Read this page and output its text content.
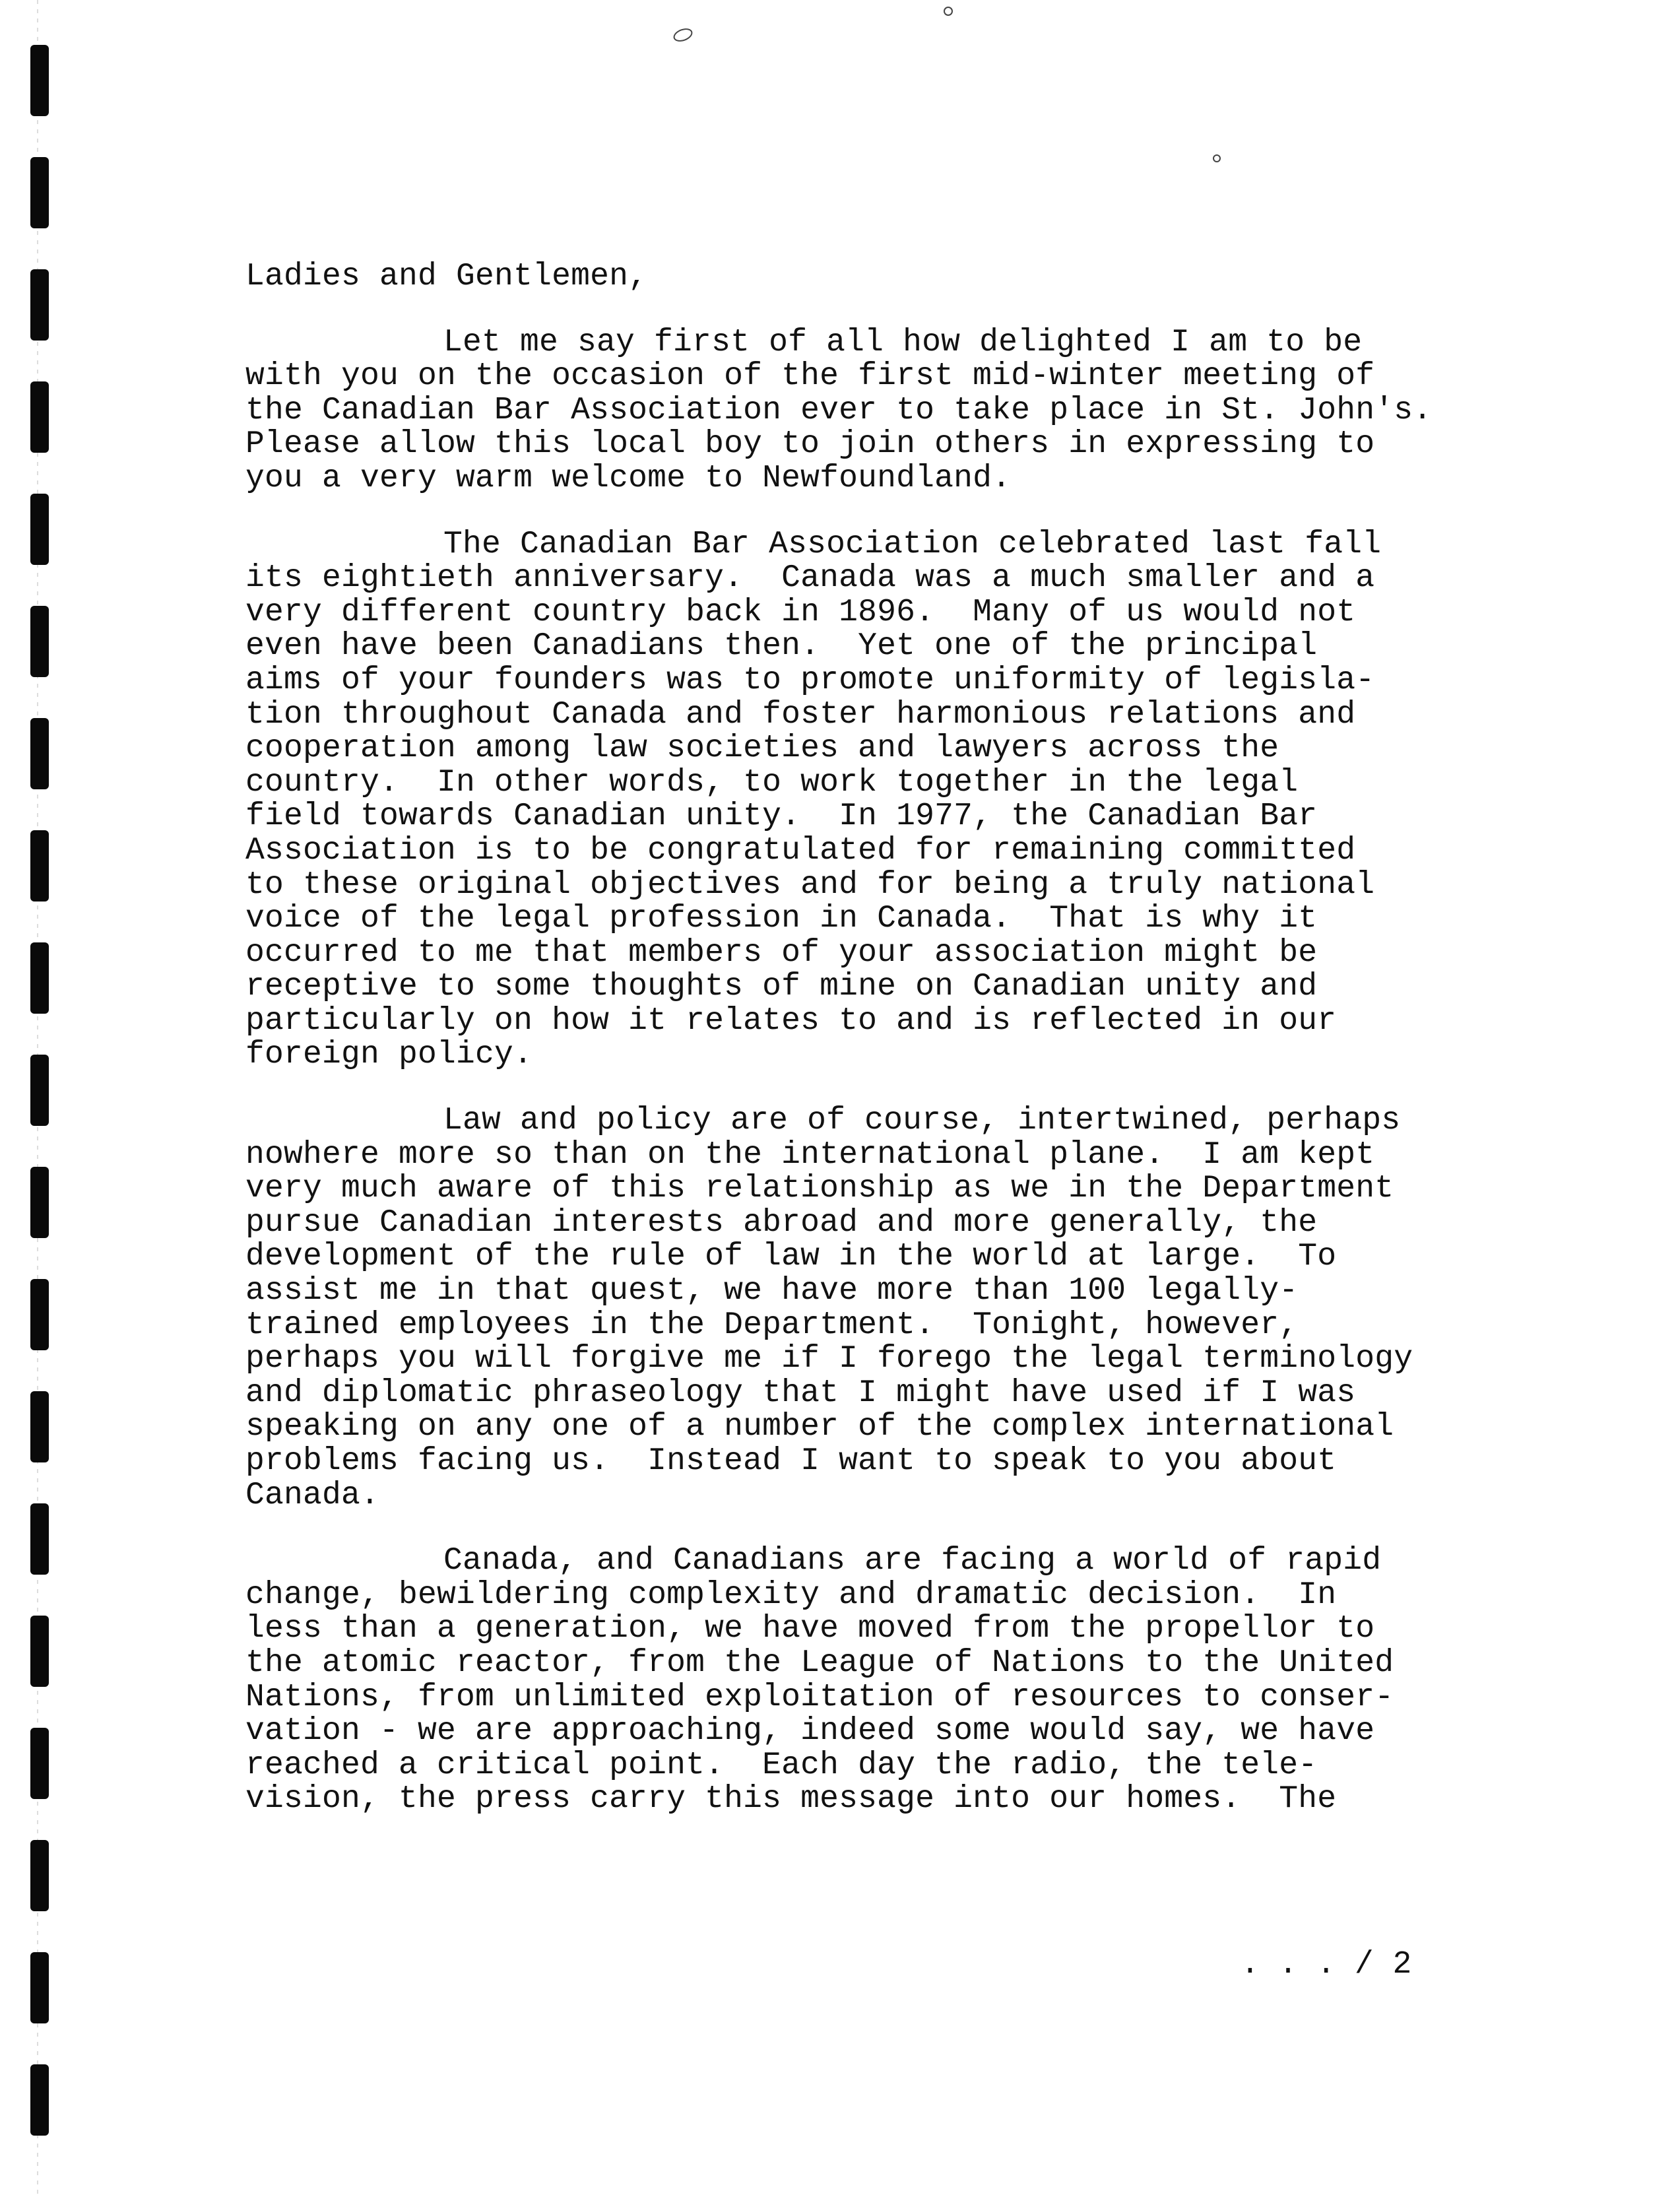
Ladies and Gentlemen,
Let me say first of all how delighted I am to be
with you on the occasion of the first mid-winter meeting of
the Canadian Bar Association ever to take place in St. John's.
Please allow this local boy to join others in expressing to
you a very warm welcome to Newfoundland.
The Canadian Bar Association celebrated last fall
its eightieth anniversary.  Canada was a much smaller and a
very different country back in 1896.  Many of us would not
even have been Canadians then.  Yet one of the principal
aims of your founders was to promote uniformity of legisla-
tion throughout Canada and foster harmonious relations and
cooperation among law societies and lawyers across the
country.  In other words, to work together in the legal
field towards Canadian unity.  In 1977, the Canadian Bar
Association is to be congratulated for remaining committed
to these original objectives and for being a truly national
voice of the legal profession in Canada.  That is why it
occurred to me that members of your association might be
receptive to some thoughts of mine on Canadian unity and
particularly on how it relates to and is reflected in our
foreign policy.
Law and policy are of course, intertwined, perhaps
nowhere more so than on the international plane.  I am kept
very much aware of this relationship as we in the Department
pursue Canadian interests abroad and more generally, the
development of the rule of law in the world at large.  To
assist me in that quest, we have more than 100 legally-
trained employees in the Department.  Tonight, however,
perhaps you will forgive me if I forego the legal terminology
and diplomatic phraseology that I might have used if I was
speaking on any one of a number of the complex international
problems facing us.  Instead I want to speak to you about
Canada.
Canada, and Canadians are facing a world of rapid
change, bewildering complexity and dramatic decision.  In
less than a generation, we have moved from the propellor to
the atomic reactor, from the League of Nations to the United
Nations, from unlimited exploitation of resources to conser-
vation - we are approaching, indeed some would say, we have
reached a critical point.  Each day the radio, the tele-
vision, the press carry this message into our homes.  The
. . . / 2
